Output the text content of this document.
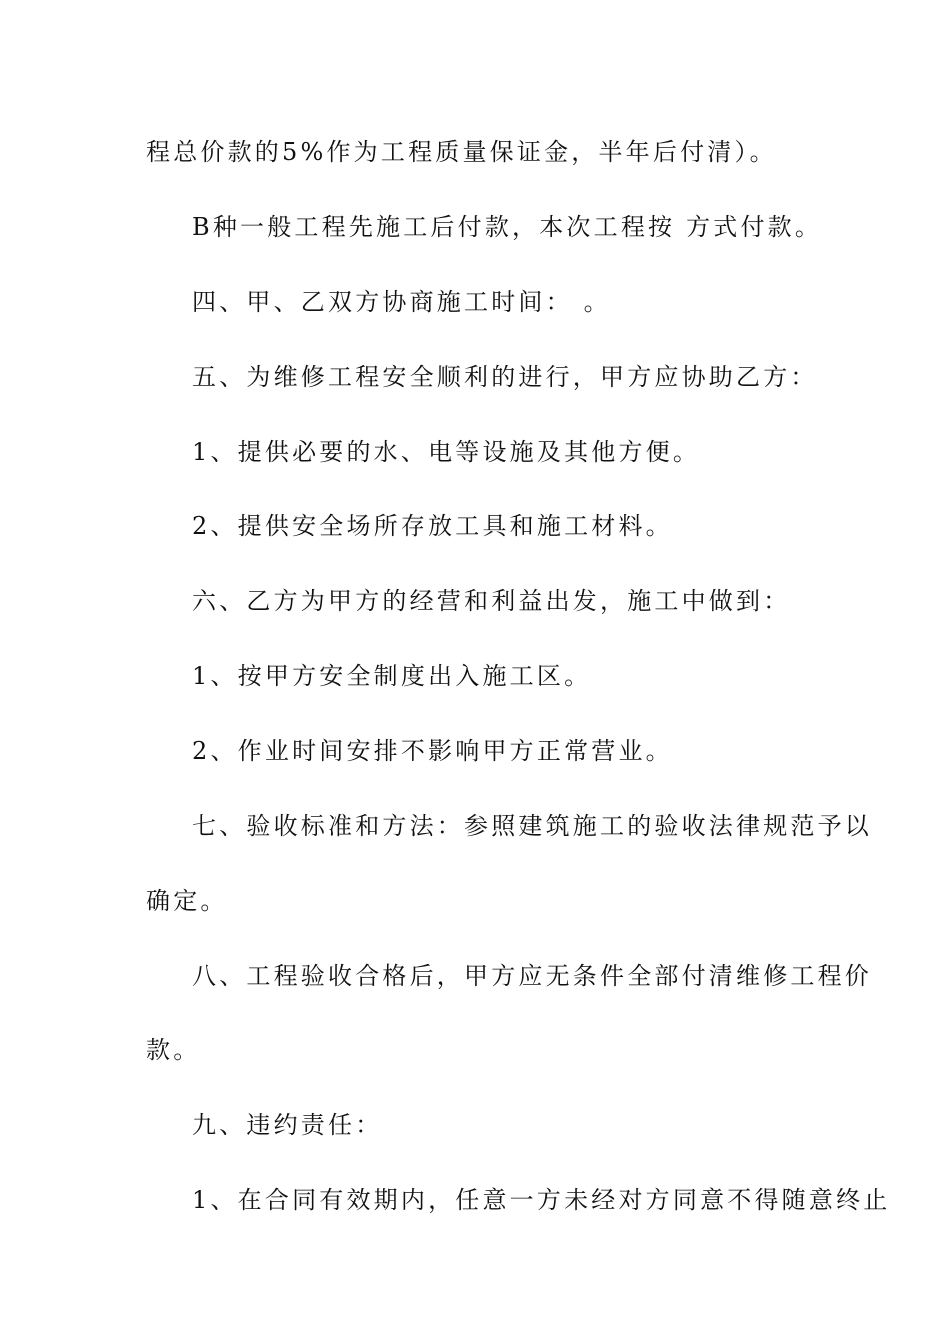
程总价款的5%作为工程质量保证金，半年后付清）。
B种一般工程先施工后付款，本次工程按 方式付款。
四、甲、乙双方协商施工时间： 。
五、为维修工程安全顺利的进行，甲方应协助乙方：
1、提供必要的水、电等设施及其他方便。
2、提供安全场所存放工具和施工材料。
六、乙方为甲方的经营和利益出发，施工中做到：
1、按甲方安全制度出入施工区。
2、作业时间安排不影响甲方正常营业。
七、验收标准和方法：参照建筑施工的验收法律规范予以
确定。
八、工程验收合格后，甲方应无条件全部付清维修工程价
款。
九、违约责任：
1、在合同有效期内，任意一方未经对方同意不得随意终止
